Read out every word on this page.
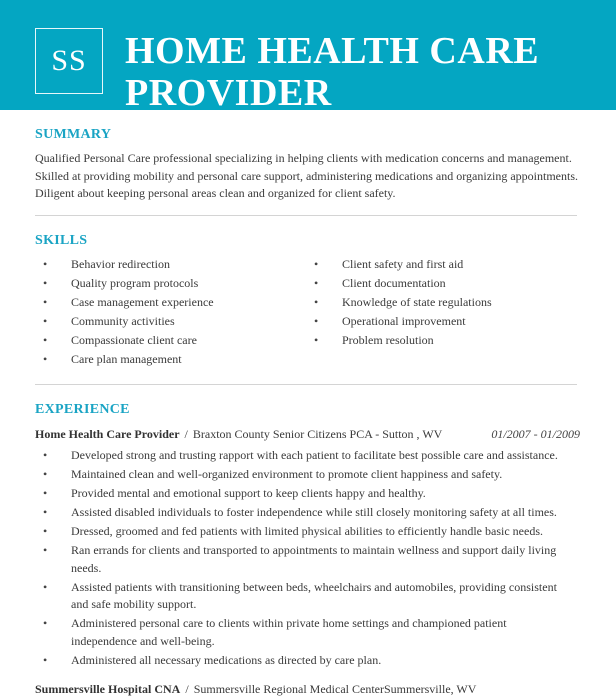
SS	HOME HEALTH CARE PROVIDER
SUMMARY
Qualified Personal Care professional specializing in helping clients with medication concerns and management. Skilled at providing mobility and personal care support, administering medications and organizing appointments. Diligent about keeping personal areas clean and organized for client safety.
SKILLS
• Behavior redirection
• Quality program protocols
• Case management experience
• Community activities
• Compassionate client care
• Care plan management
• Client safety and first aid
• Client documentation
• Knowledge of state regulations
• Operational improvement
• Problem resolution
EXPERIENCE
Home Health Care Provider / Braxton County Senior Citizens PCA - Sutton , WV	01/2007 - 01/2009
• Developed strong and trusting rapport with each patient to facilitate best possible care and assistance.
• Maintained clean and well-organized environment to promote client happiness and safety.
• Provided mental and emotional support to keep clients happy and healthy.
• Assisted disabled individuals to foster independence while still closely monitoring safety at all times.
• Dressed, groomed and fed patients with limited physical abilities to efficiently handle basic needs.
• Ran errands for clients and transported to appointments to maintain wellness and support daily living needs.
• Assisted patients with transitioning between beds, wheelchairs and automobiles, providing consistent and safe mobility support.
• Administered personal care to clients within private home settings and championed patient independence and well-being.
• Administered all necessary medications as directed by care plan.
Summersville Hospital CNA / Summersville Regional Medical CenterSummersville, WV
